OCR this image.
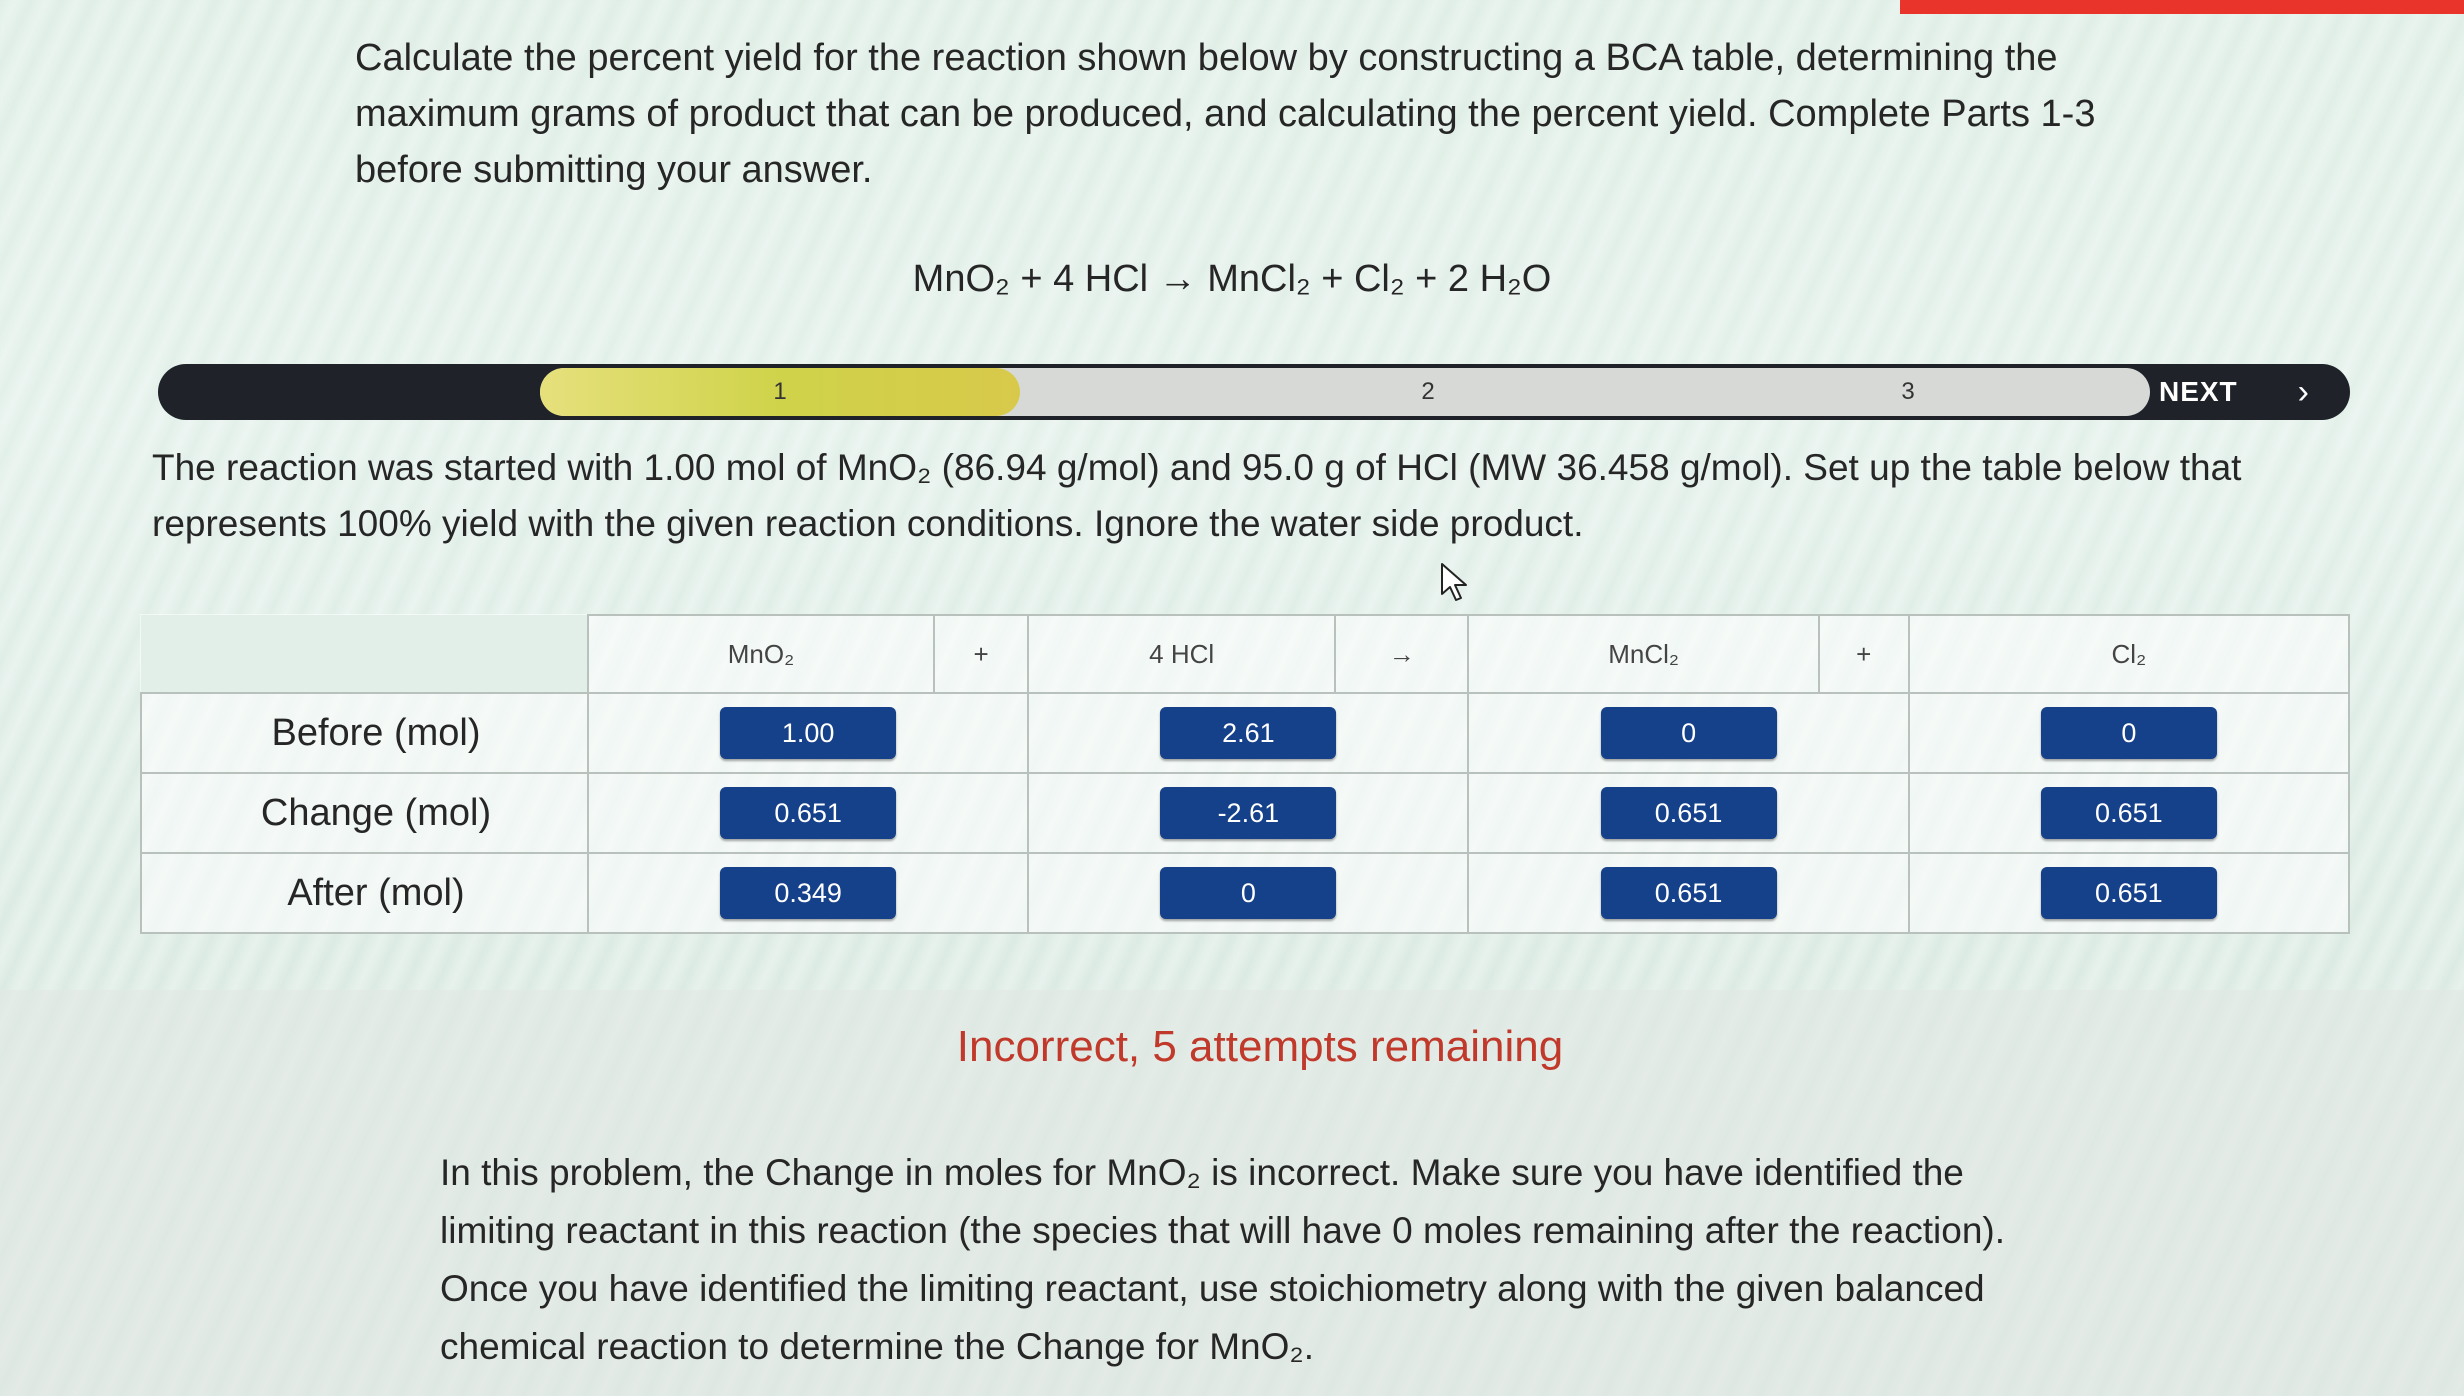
Calculate the percent yield for the reaction shown below by constructing a BCA table, determining the maximum grams of product that can be produced, and calculating the percent yield. Complete Parts 1-3 before submitting your answer.
MnO₂ + 4 HCl → MnCl₂ + Cl₂ + 2 H₂O
1	2	3	NEXT ›
The reaction was started with 1.00 mol of MnO₂ (86.94 g/mol) and 95.0 g of HCl (MW 36.458 g/mol). Set up the table below that represents 100% yield with the given reaction conditions. Ignore the water side product.
	MnO₂	+	4 HCl	→	MnCl₂	+	Cl₂
Before (mol)	1.00		2.61		0		0
Change (mol)	0.651		-2.61		0.651		0.651
After (mol)	0.349		0		0.651		0.651
Incorrect, 5 attempts remaining
In this problem, the Change in moles for MnO₂ is incorrect. Make sure you have identified the limiting reactant in this reaction (the species that will have 0 moles remaining after the reaction). Once you have identified the limiting reactant, use stoichiometry along with the given balanced chemical reaction to determine the Change for MnO₂.
